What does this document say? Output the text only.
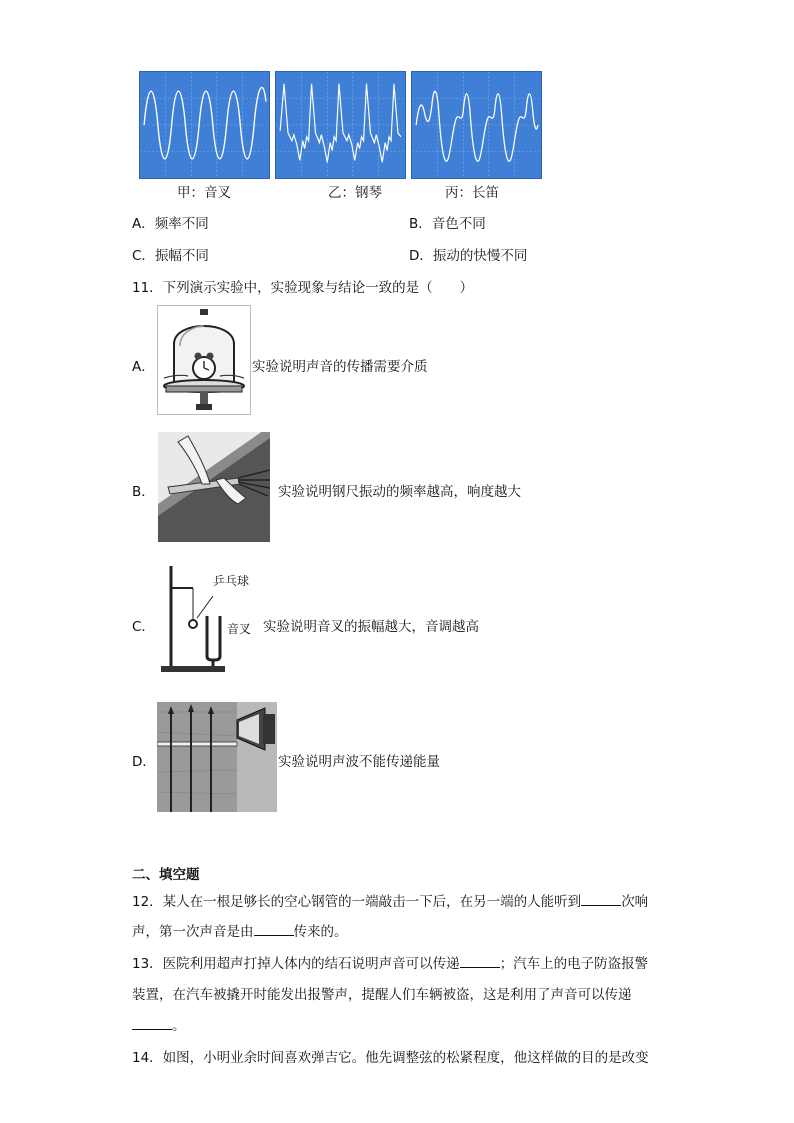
甲：音叉	乙：钢琴	丙：长笛
A．频率不同	B．音色不同
C．振幅不同	D．振动的快慢不同
11．下列演示实验中，实验现象与结论一致的是（　　）
A．	实验说明声音的传播需要介质
B．	实验说明钢尺振动的频率越高，响度越大
C．
乒乓球
音叉 实验说明音叉的振幅越大，音调越高
D．	实验说明声波不能传递能量
二、填空题
12．某人在一根足够长的空心钢管的一端敲击一下后，在另一端的人能听到	次响
声，第一次声音是由	传来的。
13．医院利用超声打掉人体内的结石说明声音可以传递	；汽车上的电子防盗报警
装置，在汽车被撬开时能发出报警声，提醒人们车辆被盗，这是利用了声音可以传递
。
14．如图，小明业余时间喜欢弹吉它。他先调整弦的松紧程度，他这样做的目的是改变
